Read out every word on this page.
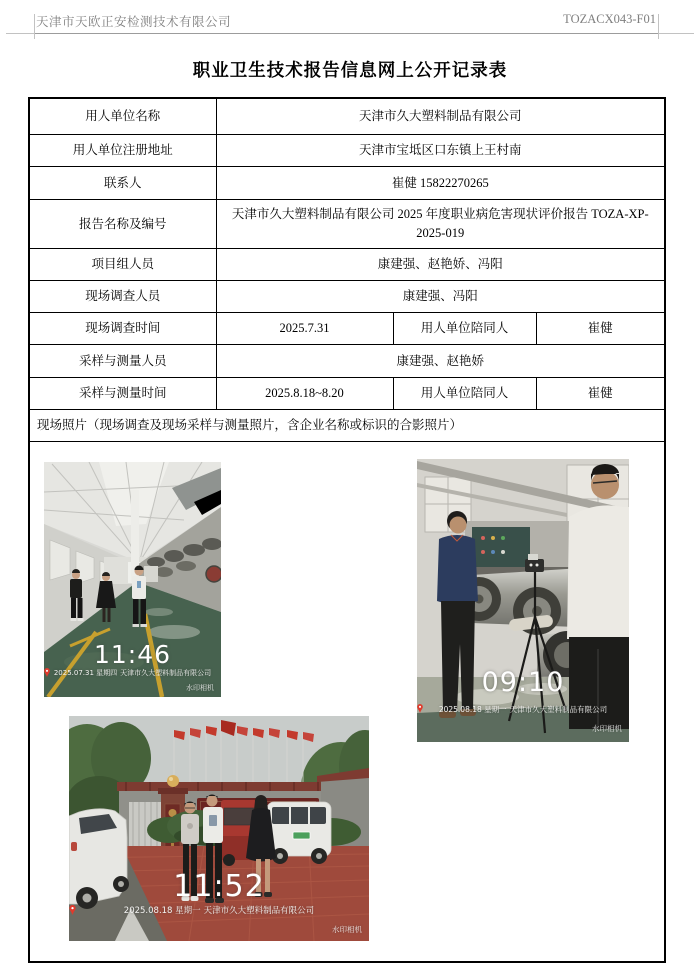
天津市天欧正安检测技术有限公司	TOZACX043-F01
职业卫生技术报告信息网上公开记录表
用人单位名称	天津市久大塑料制品有限公司		
用人单位注册地址	天津市宝坻区口东镇上王村南		
联系人	崔健 15822270265		
报告名称及编号	天津市久大塑料制品有限公司 2025 年度职业病危害现状评价报告 TOZA-XP-2025-019		
项目组人员	康建强、赵艳娇、冯阳		
现场调查人员	康建强、冯阳		
现场调查时间	2025.7.31	用人单位陪同人	崔健
采样与测量人员	康建强、赵艳娇		
采样与测量时间	2025.8.18~8.20	用人单位陪同人	崔健
现场照片（现场调查及现场采样与测量照片，含企业名称或标识的合影照片）			

11:46
2025.07.31 星期四 天津市久大塑料制品有限公司
水印相机	09:10
2025.08.18 星期一 天津市久大塑料制品有限公司
水印相机
11:52
2025.08.18 星期一 天津市久大塑料制品有限公司
水印相机
